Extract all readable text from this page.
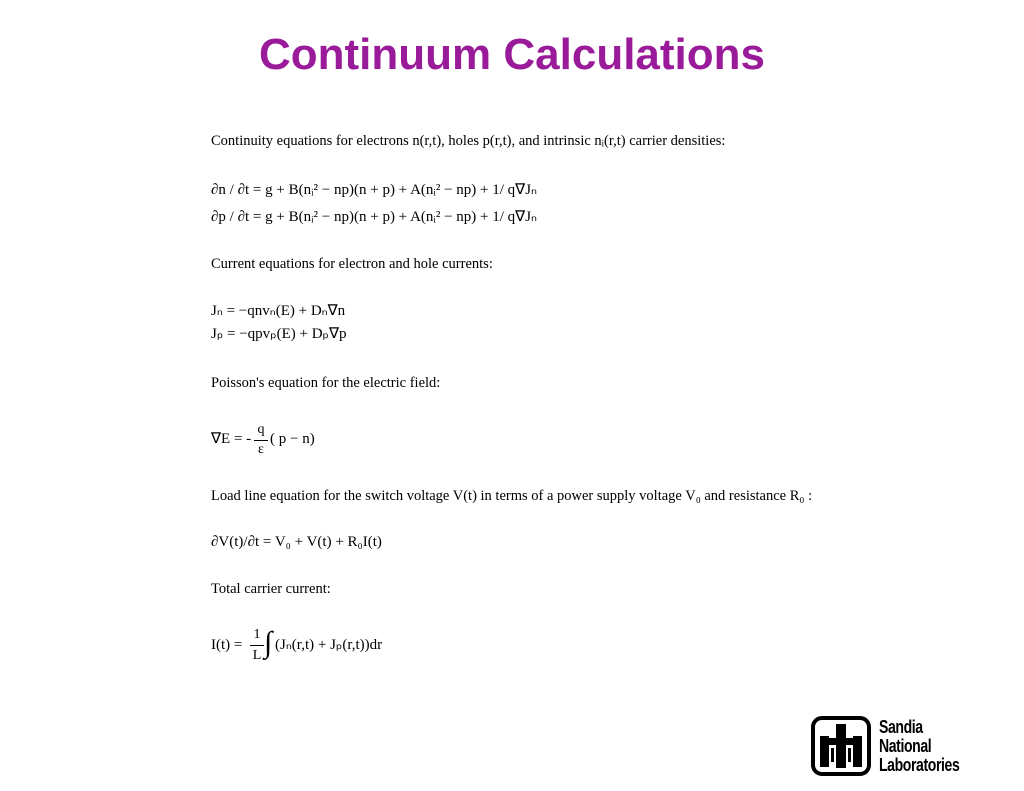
Continuum Calculations
Continuity equations for electrons n(r,t), holes p(r,t), and intrinsic nᵢ(r,t) carrier densities:
∂n / ∂t = g + B(nᵢ² − np)(n + p) + A(nᵢ² − np) + 1/ q∇Jₙ
∂p / ∂t = g + B(nᵢ² − np)(n + p) + A(nᵢ² − np) + 1/ q∇Jₙ
Current equations for electron and hole currents:
Jₙ = −qnvₙ(E) + Dₙ∇n
Jₚ = −qpvₚ(E) + Dₚ∇p
Poisson's equation for the electric field:
∇E = -
q
ε
( p − n)
Load line equation for the switch voltage V(t) in terms of a power supply voltage V₀ and resistance R₀ :
∂V(t)/∂t = V₀ + V(t) + R₀I(t)
Total carrier current:
I(t) =
1
L ∫ (Jₙ(r,t) + Jₚ(r,t))dr
Sandia
National
Laboratories
